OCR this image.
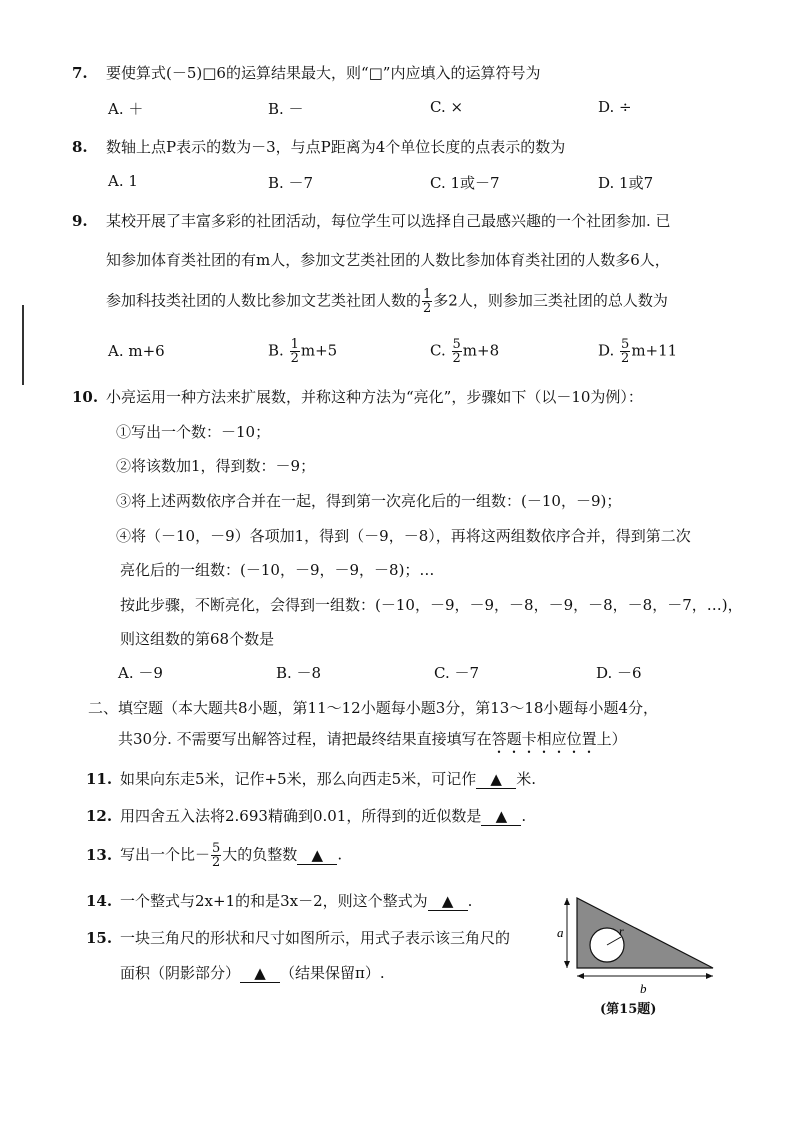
7. 要使算式(－5)□6的运算结果最大，则“□”内应填入的运算符号为
A. ＋	B. －	C. ×	D. ÷
8. 数轴上点P表示的数为－3，与点P距离为4个单位长度的点表示的数为
A. 1	B. －7	C. 1或－7	D. 1或7
9. 某校开展了丰富多彩的社团活动，每位学生可以选择自己最感兴趣的一个社团参加. 已
知参加体育类社团的有m人，参加文艺类社团的人数比参加体育类社团的人数多6人，
参加科技类社团的人数比参加文艺类社团人数的 $\frac{1}{2}$ 多2人，则参加三类社团的总人数为
A. m+6	B. $\frac{1}{2} m+5$	C. $\frac{5}{2} m+8$	D. $\frac{5}{2} m+11$
10. 小亮运用一种方法来扩展数，并称这种方法为“亮化”，步骤如下（以－10为例）：
①写出一个数：－10；
②将该数加1，得到数：－9；
③将上述两数依序合并在一起，得到第一次亮化后的一组数：(－10，－9)；
④将（－10，－9）各项加1，得到（－9，－8），再将这两组数依序合并，得到第二次
亮化后的一组数：(－10，－9，－9，－8)；…
按此步骤，不断亮化，会得到一组数：(－10，－9，－9，－8，－9，－8，－8，－7，…)，
则这组数的第68个数是
A. －9	B. －8	C. －7	D. －6
二、填空题（本大题共8小题，第11～12小题每小题3分，第13～18小题每小题4分，
共30分. 不需要写出解答过程，请把最终结果直接填写在答题卡相应位置上）
11. 如果向东走5米，记作+5米，那么向西走5米，可记作 ▲ 米.
12. 用四舍五入法将2.693精确到0.01，所得到的近似数是 ▲ .
13. 写出一个比－ $\frac{5}{2}$ 大的负整数 ▲ .
14. 一个整式与2x+1的和是3x－2，则这个整式为 ▲ .
15. 一块三角尺的形状和尺寸如图所示，用式子表示该三角尺的
面积（阴影部分） ▲ （结果保留π）.
a	r
b
(第15题)
